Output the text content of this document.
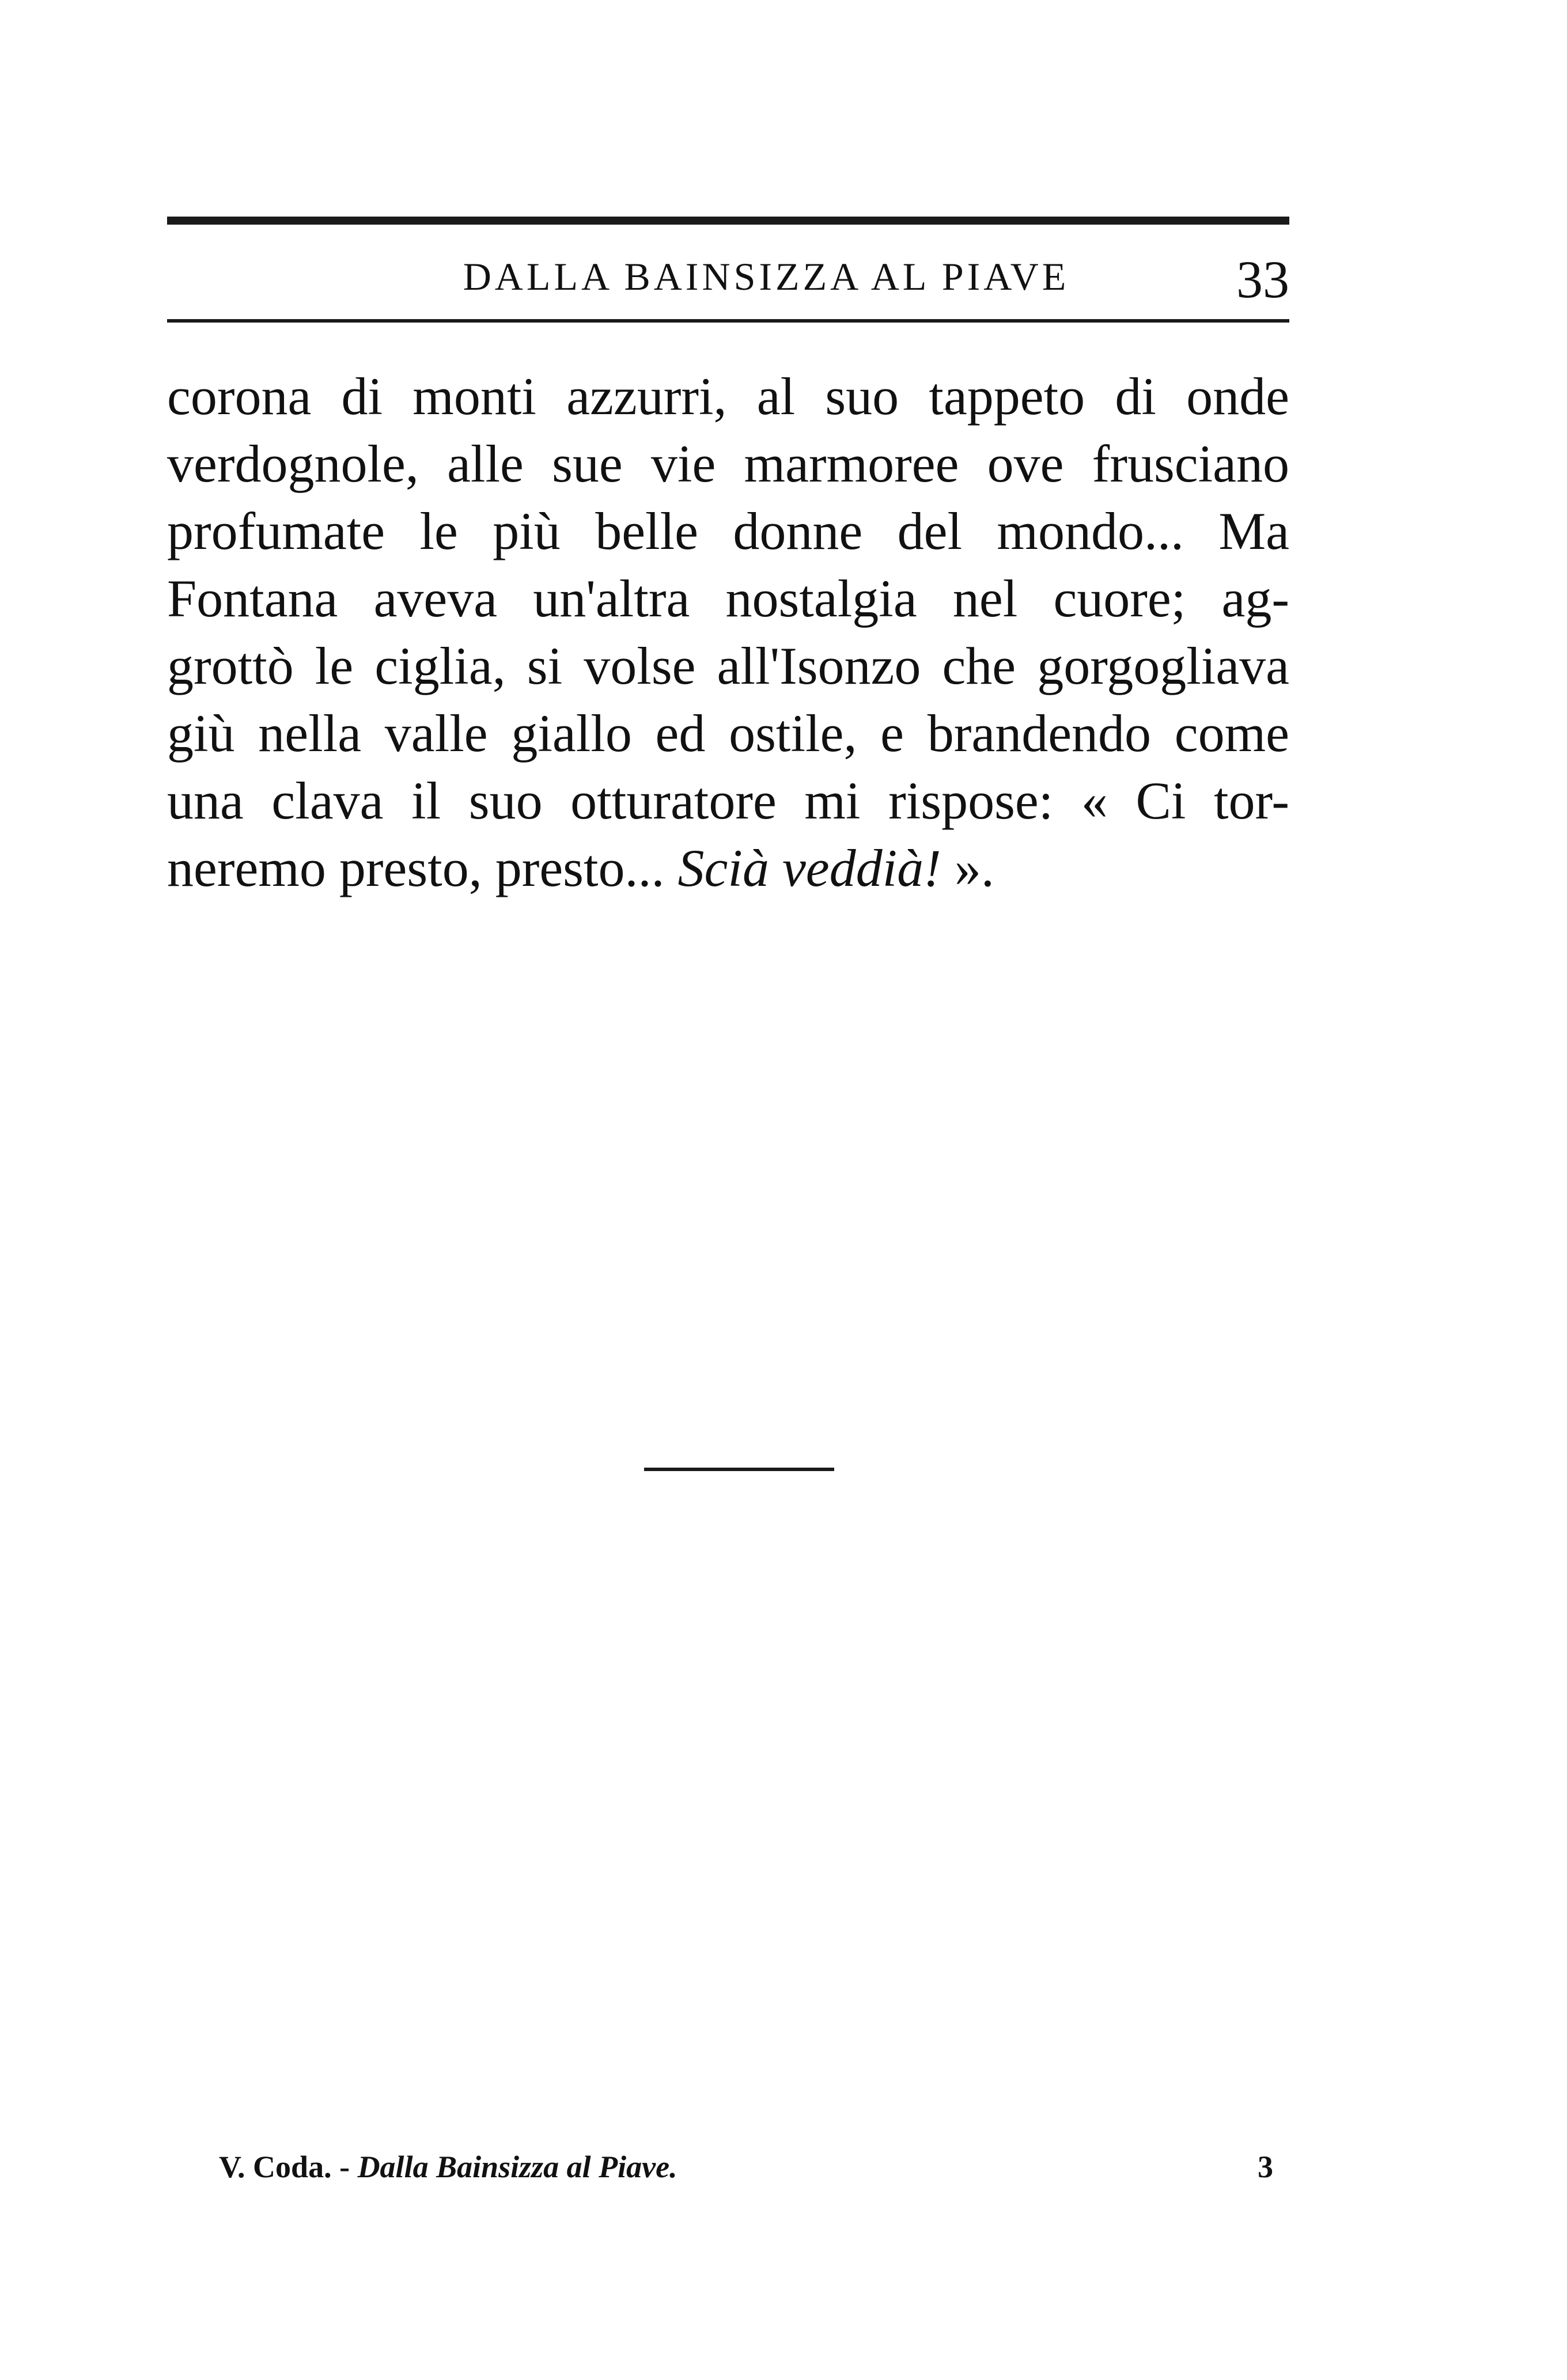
DALLA BAINSIZZA AL PIAVE	33
corona di monti azzurri, al suo tappeto di onde
verdognole, alle sue vie marmoree ove frusciano
profumate le più belle donne del mondo... Ma
Fontana aveva un'altra nostalgia nel cuore; ag-
grottò le ciglia, si volse all'Isonzo che gorgogliava
giù nella valle giallo ed ostile, e brandendo come
una clava il suo otturatore mi rispose: « Ci tor-
neremo presto, presto... Scià veddià! ».
V. Coda. - Dalla Bainsizza al Piave.	3
